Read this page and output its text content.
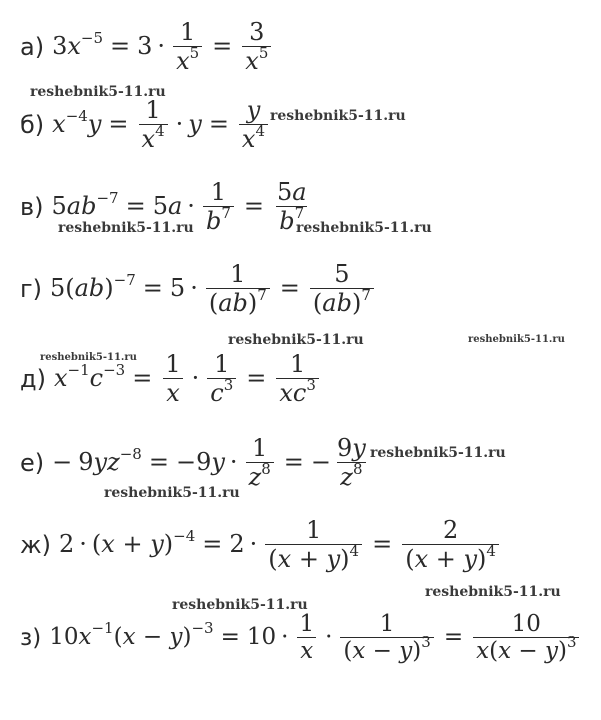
а) $3x^{-5} = 3 \cdot \frac{1}{x^5} = \frac{3}{x^5}$
б) $x^{-4}y = \frac{1}{x^4} \cdot y = \frac{y}{x^4}$
в) $5ab^{-7} = 5a \cdot \frac{1}{b^7} = \frac{5a}{b^7}$
г) $5(ab)^{-7} = 5 \cdot \frac{1}{(ab)^7} = \frac{5}{(ab)^7}$
д) $x^{-1}c^{-3} = \frac{1}{x} \cdot \frac{1}{c^3} = \frac{1}{xc^3}$
$е) - 9yz^{-8} = -9y \cdot \frac{1}{z^8}$ = − $\frac{9y}{z^8}$
ж) $2 \cdot (x + y)^{-4} = 2 \cdot \frac{1}{(x + y)^4} = \frac{2}{(x + y)^4}$
з) $10x^{-1}(x - y)^{-3} = 10 \cdot \frac{1}{x} \cdot \frac{1}{(x - y)^3} = \frac{10}{x(x - y)^3}$
reshebnik5-11.ru
reshebnik5-11.ru
reshebnik5-11.ru	reshebnik5-11.ru
reshebnik5-11.ru	reshebnik5-11.ru
reshebnik5-11.ru
reshebnik5-11.ru
reshebnik5-11.ru
reshebnik5-11.ru
reshebnik5-11.ru
